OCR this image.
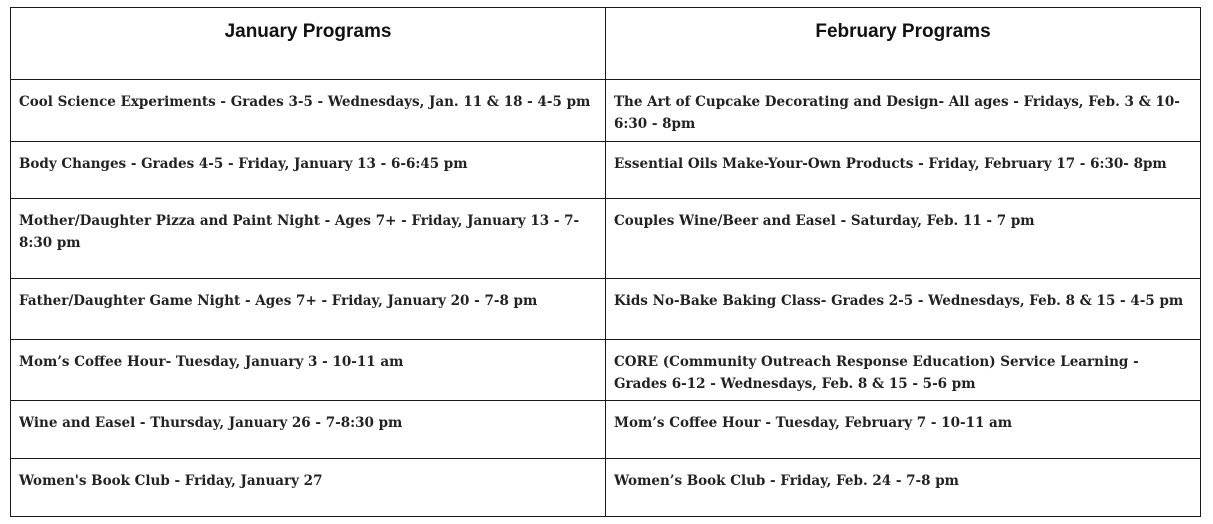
January Programs	February Programs

Cool Science Experiments - Grades 3-5 - Wednesdays, Jan. 11 & 18 - 4-5 pm	The Art of Cupcake Decorating and Design- All ages - Fridays, Feb. 3 & 10- 6:30 - 8pm

Body Changes - Grades 4-5 - Friday, January 13 - 6-6:45 pm	Essential Oils Make-Your-Own Products - Friday, February 17 - 6:30- 8pm

Mother/Daughter Pizza and Paint Night - Ages 7+ - Friday, January 13 - 7-8:30 pm	Couples Wine/Beer and Easel - Saturday, Feb. 11 - 7 pm

Father/Daughter Game Night - Ages 7+ - Friday, January 20 - 7-8 pm	Kids No-Bake Baking Class- Grades 2-5 - Wednesdays, Feb. 8 & 15 - 4-5 pm

Mom’s Coffee Hour- Tuesday, January 3 - 10-11 am	CORE (Community Outreach Response Education) Service Learning - Grades 6-12 - Wednesdays, Feb. 8 & 15 - 5-6 pm

Wine and Easel - Thursday, January 26 - 7-8:30 pm	Mom’s Coffee Hour - Tuesday, February 7 - 10-11 am

Women's Book Club - Friday, January 27	Women’s Book Club - Friday, Feb. 24 - 7-8 pm
